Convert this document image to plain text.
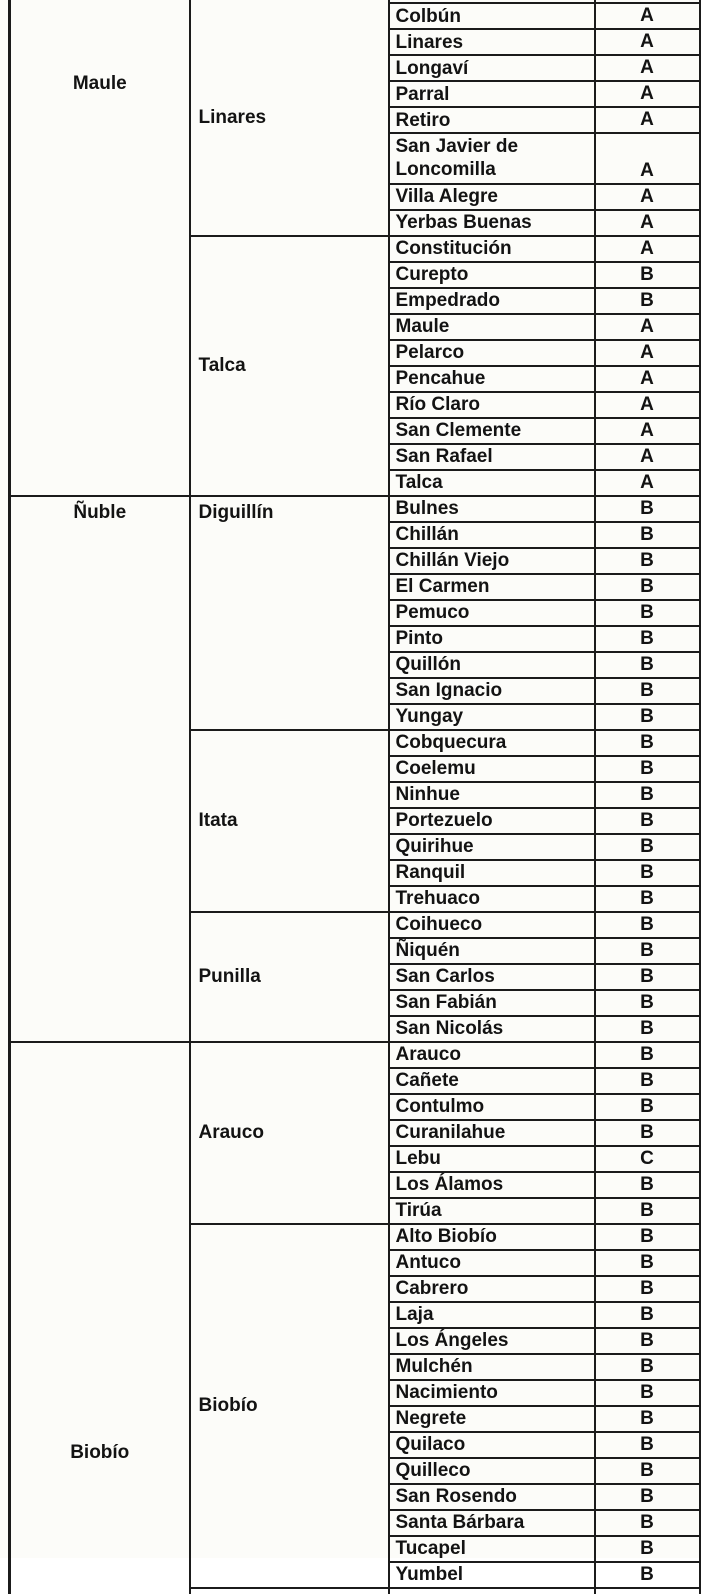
Maule	Linares		
		Colbún	A
		Linares	A
		Longaví	A
		Parral	A
		Retiro	A
		San Javier de Loncomilla	A
		Villa Alegre	A
		Yerbas Buenas	A
	Talca	Constitución	A
		Curepto	B
		Empedrado	B
		Maule	A
		Pelarco	A
		Pencahue	A
		Río Claro	A
		San Clemente	A
		San Rafael	A
		Talca	A
Ñuble	Diguillín	Bulnes	B
		Chillán	B
		Chillán Viejo	B
		El Carmen	B
		Pemuco	B
		Pinto	B
		Quillón	B
		San Ignacio	B
		Yungay	B
	Itata	Cobquecura	B
		Coelemu	B
		Ninhue	B
		Portezuelo	B
		Quirihue	B
		Ranquil	B
		Trehuaco	B
	Punilla	Coihueco	B
		Ñiquén	B
		San Carlos	B
		San Fabián	B
		San Nicolás	B
Biobío	Arauco	Arauco	B
		Cañete	B
		Contulmo	B
		Curanilahue	B
		Lebu	C
		Los Álamos	B
		Tirúa	B
	Biobío	Alto Biobío	B
		Antuco	B
		Cabrero	B
		Laja	B
		Los Ángeles	B
		Mulchén	B
		Nacimiento	B
		Negrete	B
		Quilaco	B
		Quilleco	B
		San Rosendo	B
		Santa Bárbara	B
		Tucapel	B
		Yumbel	B
